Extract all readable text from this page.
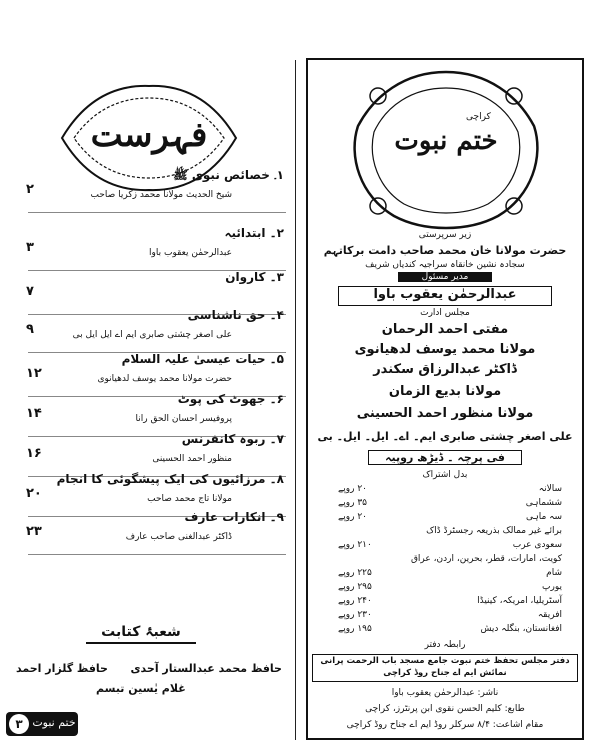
فہرست
۱۔ خصائص نبوی ﷺ
شیخ الحدیث مولانا محمد زکریا صاحب
۲
۲۔ ابتدائیہ
عبدالرحمٰن یعقوب باوا
۳
۳۔ کاروان
۷
۴۔ حق ناشناسی
علی اصغر چشتی صابری ایم اے ایل ایل بی
۹
۵۔ حیات عیسیٰ علیہ السلام
حضرت مولانا محمد یوسف لدھیانوی
۱۲
۶۔ جھوٹ کی پوٹ
پروفیسر احسان الحق رانا
۱۴
۷۔ ربوہ کانفرنس
منظور احمد الحسینی
۱۶
۸۔ مرزائیوں کی ایک پیشگوئی کا انجام
مولانا تاج محمد صاحب
۲۰
۹۔ انکارات عارف
ڈاکٹر عبدالغنی صاحب عارف
۲۳
شعبۂ کتابت
حافظ محمد عبدالستار آحدی
حافظ گلزار احمد
غلام یٰسین تبسم
۳ ختم نبوت
ختم نبوت
کراچی
زیر سرپرستی
حضرت مولانا خان محمد صاحب دامت برکاتہم
سجادہ نشین خانقاہ سراجیہ کندیاں شریف
مدیر مسئول
عبدالرحمٰن یعقوب باوا
مجلس ادارت
مفتی احمد الرحمان
مولانا محمد یوسف لدھیانوی
ڈاکٹر عبدالرزاق سکندر
مولانا بدیع الزمان
مولانا منظور احمد الحسینی
علی اصغر چشتی صابری ایم۔ اے۔ ایل۔ ایل۔ بی
فی پرچہ ۔ ڈیڑھ روپیہ
بدل اشتراک
سالانہ
۲۰ روپے
ششماہی
۳۵ روپے
سہ ماہی
۲۰ روپے
برائے غیر ممالک بذریعہ رجسٹرڈ ڈاک
سعودی عرب
۲۱۰ روپے
کویت، امارات، قطر، بحرین، اردن، عراق
شام
۲۲۵ روپے
یورپ
۲۹۵ روپے
آسٹریلیا، امریکہ، کینیڈا
۲۴۰ روپے
افریقہ
۲۳۰ روپے
افغانستان، بنگلہ دیش
۱۹۵ روپے
رابطہ دفتر
دفتر مجلس تحفظ ختم نبوت جامع مسجد باب الرحمت پرانی نمائش ایم اے جناح روڈ کراچی
ناشر: عبدالرحمٰن یعقوب باوا
طابع: کلیم الحسن نقوی ابن پرنٹرز، کراچی
مقام اشاعت: ۸/۴ سرکلر روڈ ایم اے جناح روڈ کراچی
